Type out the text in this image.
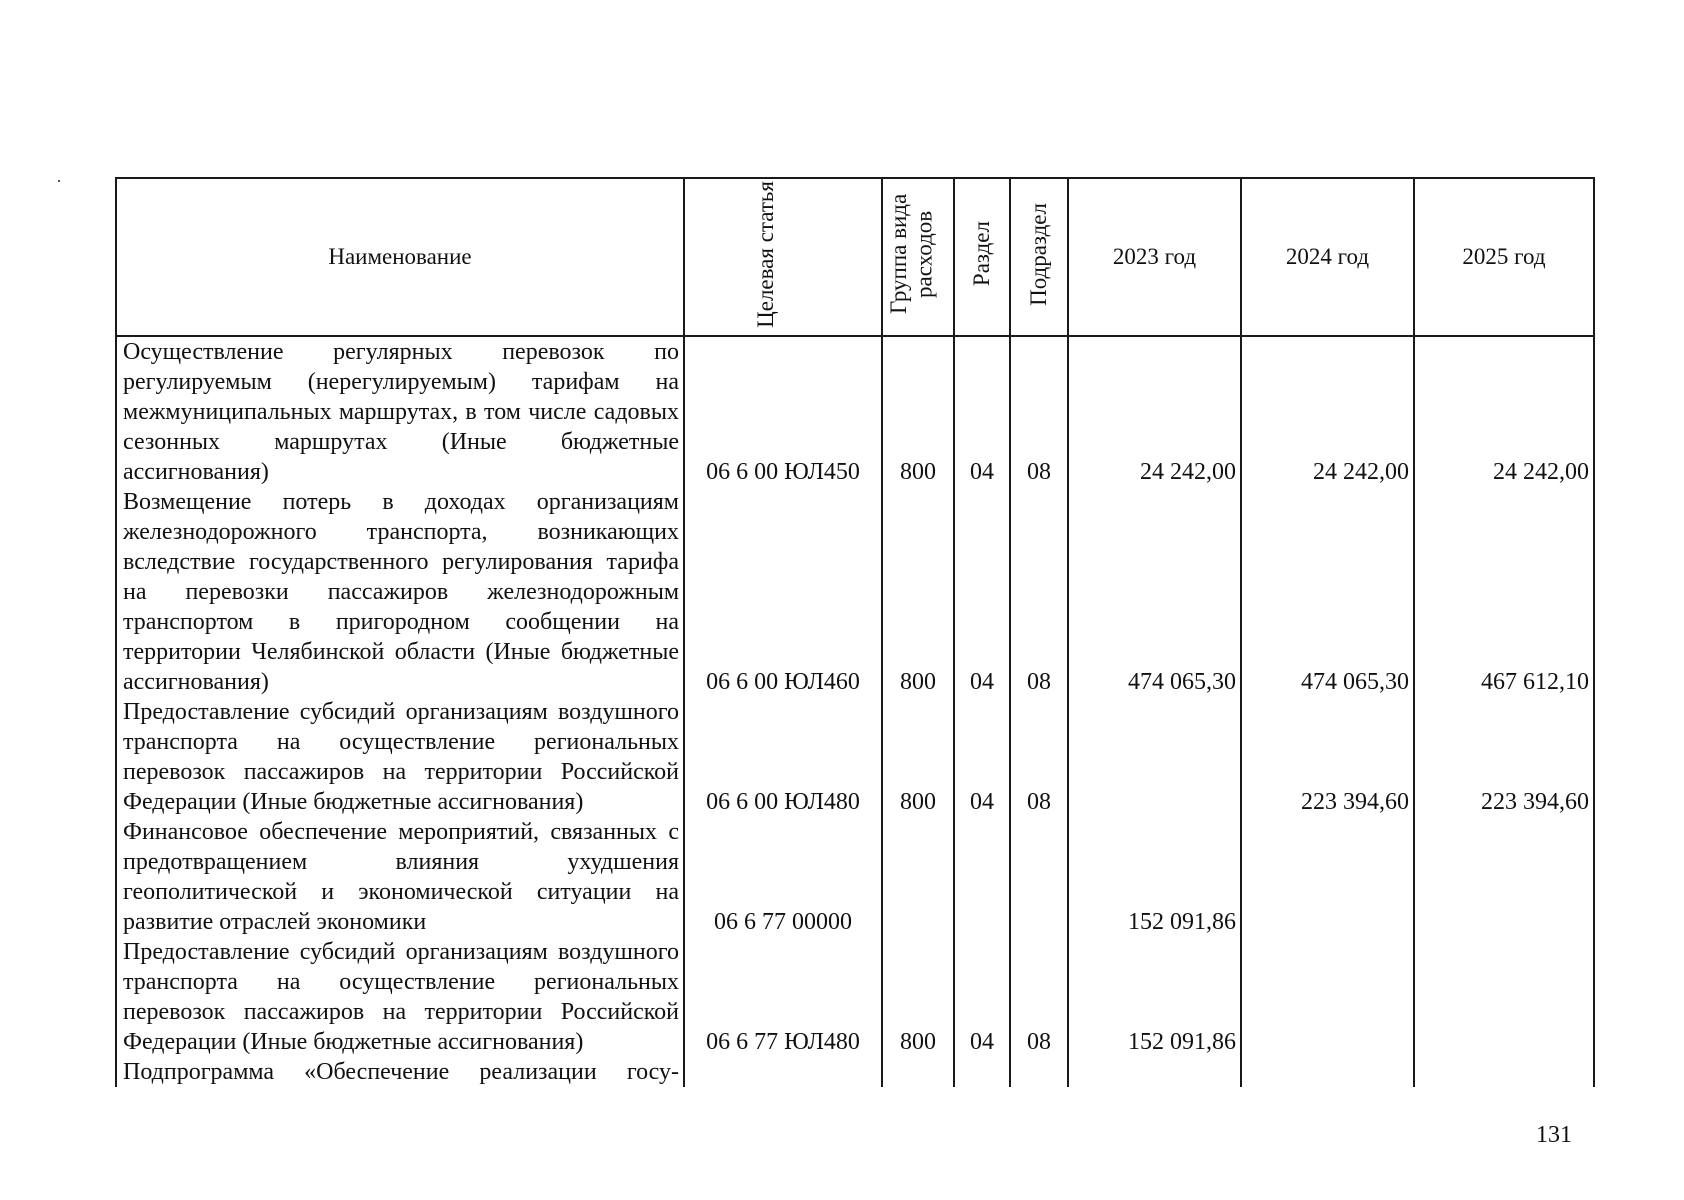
Наименование	Целевая статья	Группа вида расходов	Раздел	Подраздел	2023 год	2024 год	2025 год
Осуществление регулярных перевозок по регулируемым (нерегулируемым) тарифам на межмуниципальных маршрутах, в том числе садовых сезонных маршрутах (Иные бюджетные ассигнования)	06 6 00 ЮЛ450	800	04	08	24 242,00	24 242,00	24 242,00
Возмещение потерь в доходах организациям железнодорожного транспорта, возникающих вследствие государственного регулирования тарифа на перевозки пассажиров железнодорожным транспортом в пригородном сообщении на территории Челябинской области (Иные бюджетные ассигнования)	06 6 00 ЮЛ460	800	04	08	474 065,30	474 065,30	467 612,10
Предоставление субсидий организациям воздушного транспорта на осуществление региональных перевозок пассажиров на территории Российской Федерации (Иные бюджетные ассигнования)	06 6 00 ЮЛ480	800	04	08		223 394,60	223 394,60
Финансовое обеспечение мероприятий, связанных с предотвращением влияния ухудшения геополитической и экономической ситуации на развитие отраслей экономики	06 6 77 00000				152 091,86		
Предоставление субсидий организациям воздушного транспорта на осуществление региональных перевозок пассажиров на территории Российской Федерации (Иные бюджетные ассигнования)	06 6 77 ЮЛ480	800	04	08	152 091,86		
Подпрограмма «Обеспечение реализации госу-							
131
